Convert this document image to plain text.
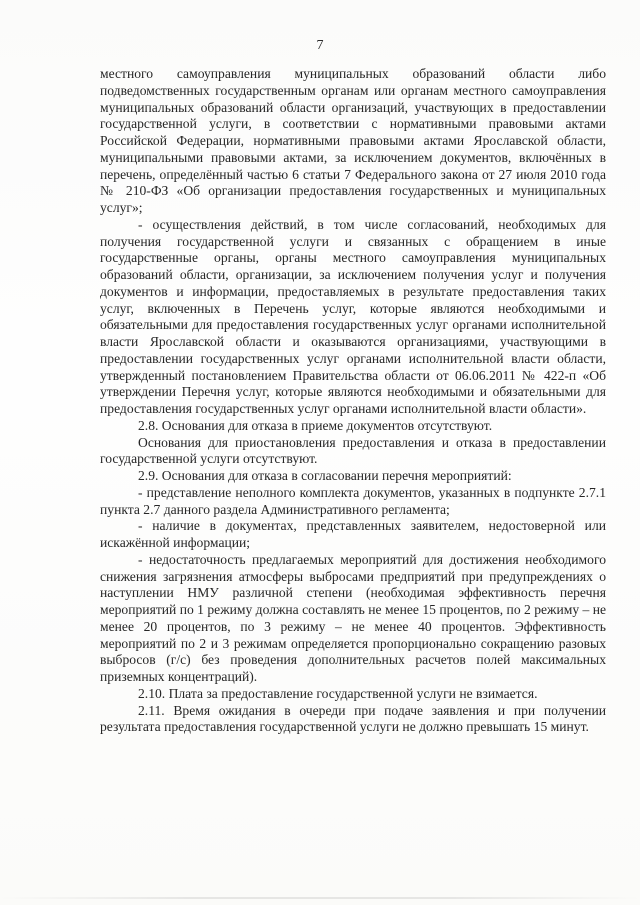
7

местного самоуправления муниципальных образований области либо подведомственных государственным органам или органам местного самоуправления муниципальных образований области организаций, участвующих в предоставлении государственной услуги, в соответствии с нормативными правовыми актами Российской Федерации, нормативными правовыми актами Ярославской области, муниципальными правовыми актами, за исключением документов, включённых в перечень, определённый частью 6 статьи 7 Федерального закона от 27 июля 2010 года № 210-ФЗ «Об организации предоставления государственных и муниципальных услуг»;

- осуществления действий, в том числе согласований, необходимых для получения государственной услуги и связанных с обращением в иные государственные органы, органы местного самоуправления муниципальных образований области, организации, за исключением получения услуг и получения документов и информации, предоставляемых в результате предоставления таких услуг, включенных в Перечень услуг, которые являются необходимыми и обязательными для предоставления государственных услуг органами исполнительной власти Ярославской области и оказываются организациями, участвующими в предоставлении государственных услуг органами исполнительной власти области, утвержденный постановлением Правительства области от 06.06.2011 № 422-п «Об утверждении Перечня услуг, которые являются необходимыми и обязательными для предоставления государственных услуг органами исполнительной власти области».

2.8. Основания для отказа в приеме документов отсутствуют.

Основания для приостановления предоставления и отказа в предоставлении государственной услуги отсутствуют.

2.9. Основания для отказа в согласовании перечня мероприятий:

- представление неполного комплекта документов, указанных в подпункте 2.7.1 пункта 2.7 данного раздела Административного регламента;

- наличие в документах, представленных заявителем, недостоверной или искажённой информации;

- недостаточность предлагаемых мероприятий для достижения необходимого снижения загрязнения атмосферы выбросами предприятий при предупреждениях о наступлении НМУ различной степени (необходимая эффективность перечня мероприятий по 1 режиму должна составлять не менее 15 процентов, по 2 режиму – не менее 20 процентов, по 3 режиму – не менее 40 процентов. Эффективность мероприятий по 2 и 3 режимам определяется пропорционально сокращению разовых выбросов (г/с) без проведения дополнительных расчетов полей максимальных приземных концентраций).

2.10. Плата за предоставление государственной услуги не взимается.

2.11. Время ожидания в очереди при подаче заявления и при получении результата предоставления государственной услуги не должно превышать 15 минут.
